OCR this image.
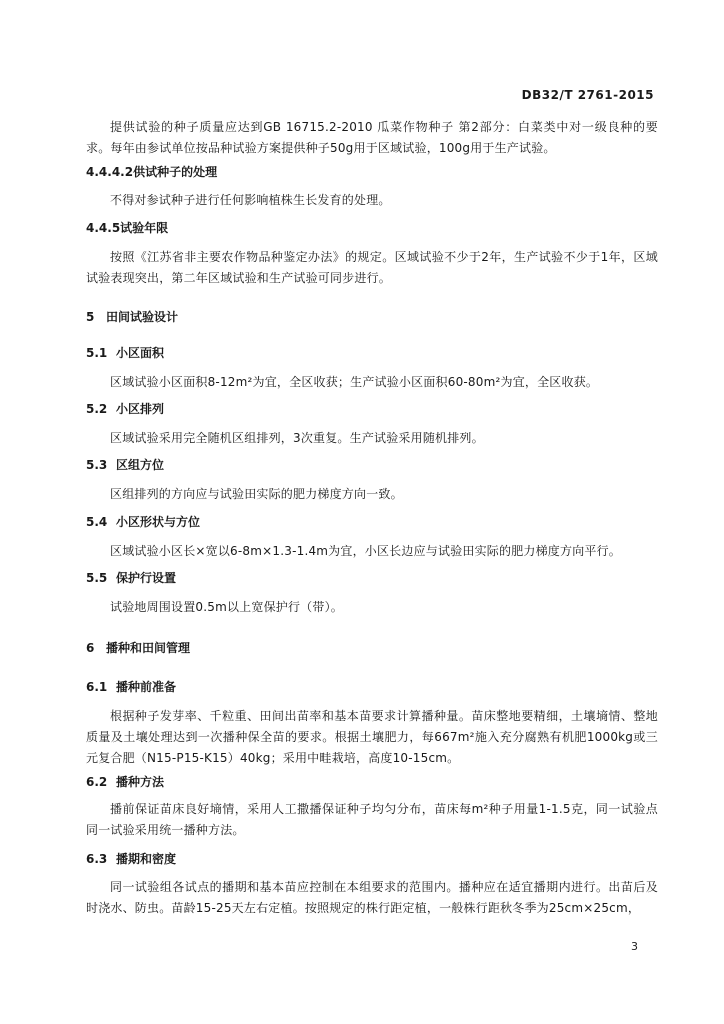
DB32/T 2761-2015

提供试验的种子质量应达到GB 16715.2-2010 瓜菜作物种子 第2部分：白菜类中对一级良种的要求。每年由参试单位按品种试验方案提供种子50g用于区域试验，100g用于生产试验。

4.4.4.2供试种子的处理

不得对参试种子进行任何影响植株生长发育的处理。

4.4.5试验年限

按照《江苏省非主要农作物品种鉴定办法》的规定。区域试验不少于2年，生产试验不少于1年，区域试验表现突出，第二年区域试验和生产试验可同步进行。

5 田间试验设计

5.1 小区面积

区域试验小区面积8-12m²为宜，全区收获；生产试验小区面积60-80m²为宜，全区收获。

5.2 小区排列

区域试验采用完全随机区组排列，3次重复。生产试验采用随机排列。

5.3 区组方位

区组排列的方向应与试验田实际的肥力梯度方向一致。

5.4 小区形状与方位

区域试验小区长×宽以6-8m×1.3-1.4m为宜，小区长边应与试验田实际的肥力梯度方向平行。

5.5 保护行设置

试验地周围设置0.5m以上宽保护行（带）。

6 播种和田间管理

6.1 播种前准备

根据种子发芽率、千粒重、田间出苗率和基本苗要求计算播种量。苗床整地要精细，土壤墒情、整地质量及土壤处理达到一次播种保全苗的要求。根据土壤肥力，每667m²施入充分腐熟有机肥1000kg或三元复合肥（N15-P15-K15）40kg；采用中畦栽培，高度10-15cm。

6.2 播种方法

播前保证苗床良好墒情，采用人工撒播保证种子均匀分布，苗床每m²种子用量1-1.5克，同一试验点同一试验采用统一播种方法。

6.3 播期和密度

同一试验组各试点的播期和基本苗应控制在本组要求的范围内。播种应在适宜播期内进行。出苗后及时浇水、防虫。苗龄15-25天左右定植。按照规定的株行距定植，一般株行距秋冬季为25cm×25cm，

3
